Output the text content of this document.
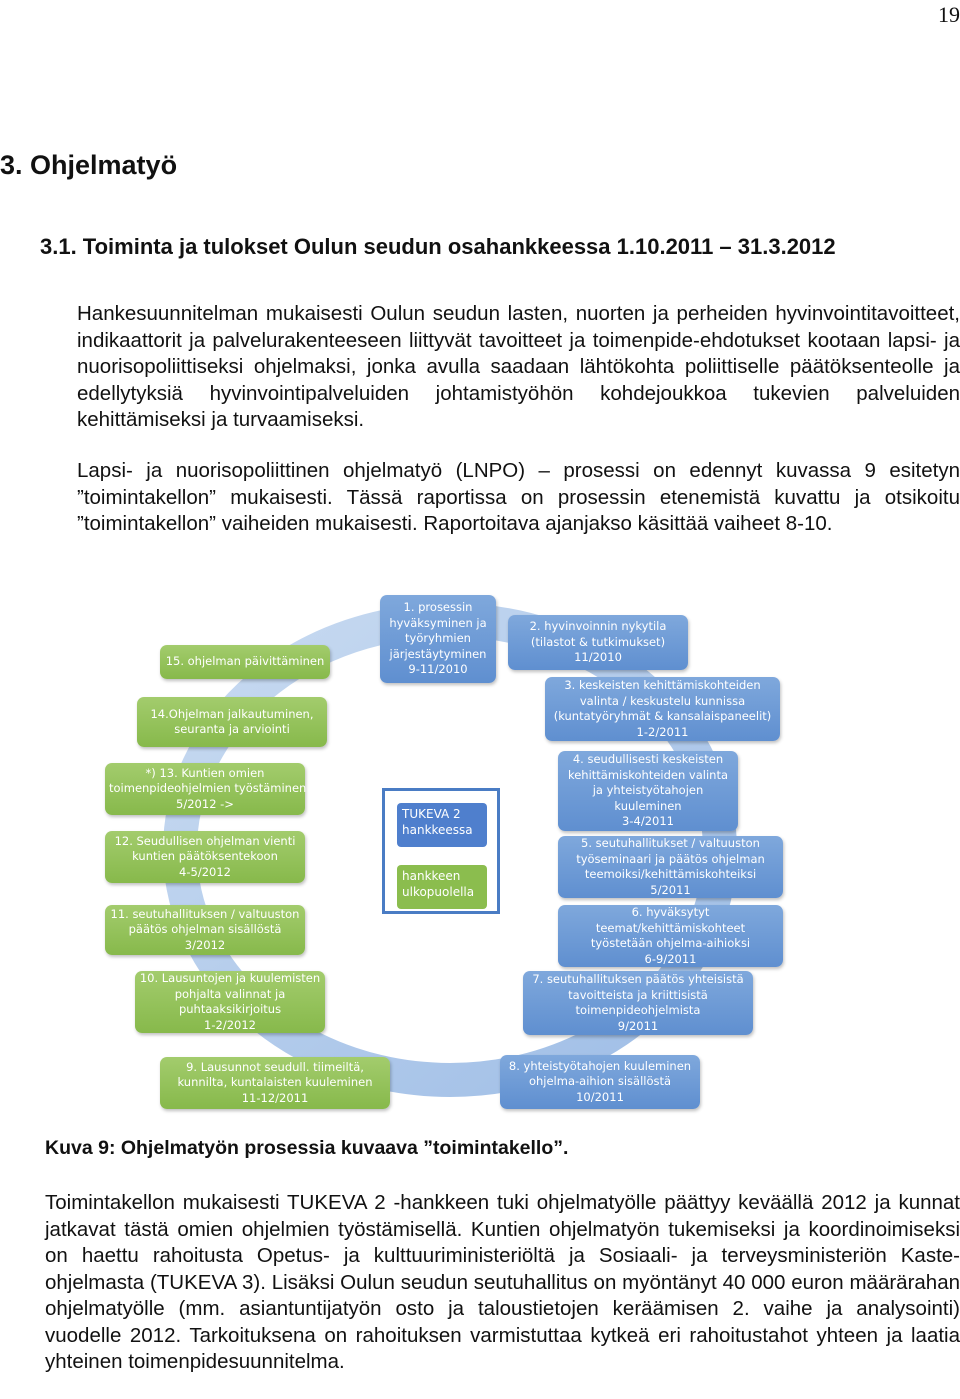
19
3. Ohjelmatyö
3.1. Toiminta ja tulokset Oulun seudun osahankkeessa 1.10.2011 – 31.3.2012

Hankesuunnitelman mukaisesti Oulun seudun lasten, nuorten ja perheiden hyvinvointitavoitteet, indikaattorit ja palvelurakenteeseen liittyvät tavoitteet ja toimenpide-ehdotukset kootaan lapsi- ja nuorisopoliittiseksi ohjelmaksi, jonka avulla saadaan lähtökohta poliittiselle päätöksenteolle ja edellytyksiä hyvinvointipalveluiden johtamistyöhön kohdejoukkoa tukevien palveluiden kehittämiseksi ja turvaamiseksi.

Lapsi- ja nuorisopoliittinen ohjelmatyö (LNPO) – prosessi on edennyt kuvassa 9 esitetyn ”toimintakellon” mukaisesti. Tässä raportissa on prosessin etenemistä kuvattu ja otsikoitu ”toimintakellon” vaiheiden mukaisesti. Raportoitava ajanjakso käsittää vaiheet 8-10.

1. prosessin
hyväksyminen ja
työryhmien
järjestäytyminen
9-11/2010
2. hyvinvoinnin nykytila
(tilastot & tutkimukset)
11/2010
3. keskeisten kehittämiskohteiden
valinta / keskustelu kunnissa
(kuntatyöryhmät & kansalaispaneelit)
1-2/2011
4. seudullisesti keskeisten
kehittämiskohteiden valinta
ja yhteistyötahojen
kuuleminen
3-4/2011
5. seutuhallitukset / valtuuston
työseminaari ja päätös ohjelman
teemoiksi/kehittämiskohteiksi
5/2011
6. hyväksytyt
teemat/kehittämiskohteet
työstetään ohjelma-aihioksi
6-9/2011
7. seutuhallituksen päätös yhteisistä
tavoitteista ja kriittisistä
toimenpideohjelmista
9/2011
8. yhteistyötahojen kuuleminen
ohjelma-aihion sisällöstä
10/2011
9. Lausunnot seudull. tiimeiltä,
kunnilta, kuntalaisten kuuleminen
11-12/2011
10. Lausuntojen ja kuulemisten
pohjalta valinnat ja
puhtaaksikirjoitus
1-2/2012
11. seutuhallituksen / valtuuston
päätös ohjelman sisällöstä
3/2012
12. Seudullisen ohjelman vienti
kuntien päätöksentekoon
4-5/2012
*) 13. Kuntien omien
toimenpideohjelmien työstäminen
5/2012 ->
14.Ohjelman jalkautuminen,
seuranta ja arviointi
15. ohjelman päivittäminen
TUKEVA 2
hankkeessa
hankkeen
ulkopuolella
Kuva 9: Ohjelmatyön prosessia kuvaava ”toimintakello”.

Toimintakellon mukaisesti TUKEVA 2 -hankkeen tuki ohjelmatyölle päättyy keväällä 2012 ja kunnat jatkavat tästä omien ohjelmien työstämisellä. Kuntien ohjelmatyön tukemiseksi ja koordinoimiseksi on haettu rahoitusta Opetus- ja kulttuuriministeriöltä ja Sosiaali- ja terveysministeriön Kaste-ohjelmasta (TUKEVA 3). Lisäksi Oulun seudun seutuhallitus on myöntänyt 40 000 euron määrärahan ohjelmatyölle (mm. asiantuntijatyön osto ja taloustietojen keräämisen 2. vaihe ja analysointi) vuodelle 2012. Tarkoituksena on rahoituksen varmistuttaa kytkeä eri rahoitustahot yhteen ja laatia yhteinen toimenpidesuunnitelma.
